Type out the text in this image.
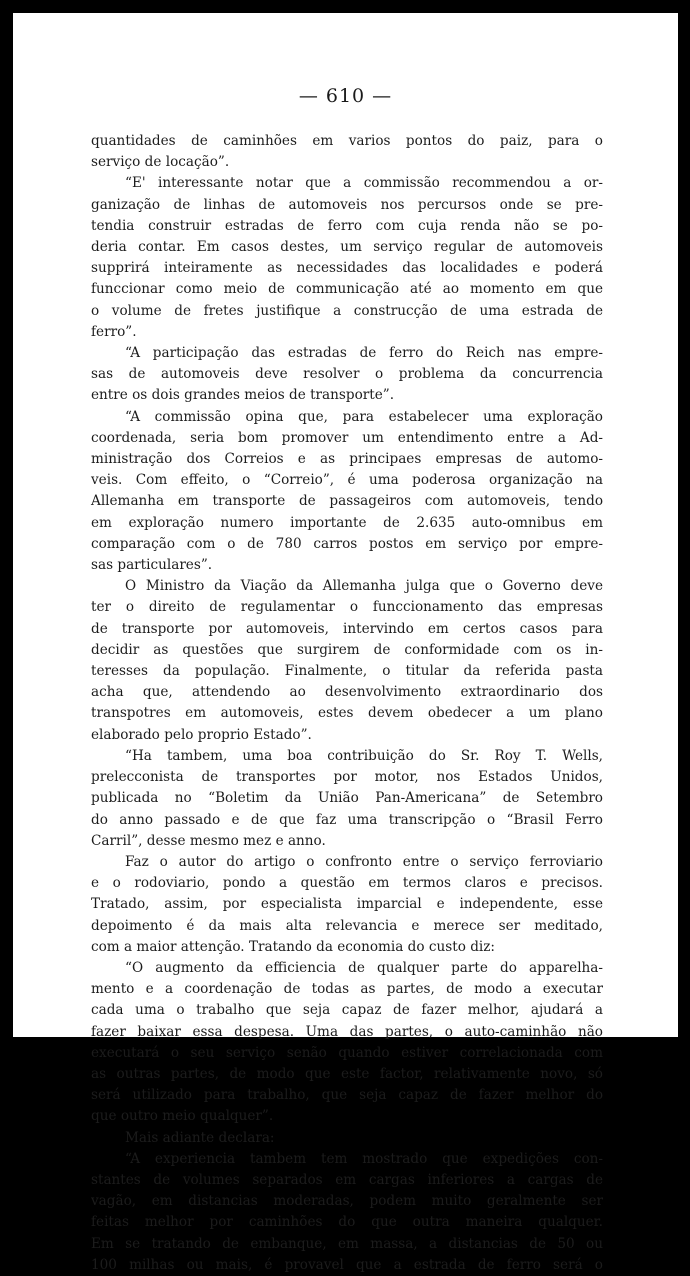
— 610 —
quantidades de caminhões em varios pontos do paiz, para o
serviço de locação”.
“E' interessante notar que a commissão recommendou a or-
ganização de linhas de automoveis nos percursos onde se pre-
tendia construir estradas de ferro com cuja renda não se po-
deria contar. Em casos destes, um serviço regular de automoveis
supprirá inteiramente as necessidades das localidades e poderá
funccionar como meio de communicação até ao momento em que
o volume de fretes justifique a construcção de uma estrada de
ferro”.
“A participação das estradas de ferro do Reich nas empre-
sas de automoveis deve resolver o problema da concurrencia
entre os dois grandes meios de transporte”.
“A commissão opina que, para estabelecer uma exploração
coordenada, seria bom promover um entendimento entre a Ad-
ministração dos Correios e as principaes empresas de automo-
veis. Com effeito, o “Correio”, é uma poderosa organização na
Allemanha em transporte de passageiros com automoveis, tendo
em exploração numero importante de 2.635 auto-omnibus em
comparação com o de 780 carros postos em serviço por empre-
sas particulares”.
O Ministro da Viação da Allemanha julga que o Governo deve
ter o direito de regulamentar o funccionamento das empresas
de transporte por automoveis, intervindo em certos casos para
decidir as questões que surgirem de conformidade com os in-
teresses da população. Finalmente, o titular da referida pasta
acha que, attendendo ao desenvolvimento extraordinario dos
transpotres em automoveis, estes devem obedecer a um plano
elaborado pelo proprio Estado”.
“Ha tambem, uma boa contribuição do Sr. Roy T. Wells,
prelecconista de transportes por motor, nos Estados Unidos,
publicada no “Boletim da União Pan-Americana” de Setembro
do anno passado e de que faz uma transcripção o “Brasil Ferro
Carril”, desse mesmo mez e anno.
Faz o autor do artigo o confronto entre o serviço ferroviario
e o rodoviario, pondo a questão em termos claros e precisos.
Tratado, assim, por especialista imparcial e independente, esse
depoimento é da mais alta relevancia e merece ser meditado,
com a maior attenção. Tratando da economia do custo diz:
“O augmento da efficiencia de qualquer parte do apparelha-
mento e a coordenação de todas as partes, de modo a executar
cada uma o trabalho que seja capaz de fazer melhor, ajudará a
fazer baixar essa despesa. Uma das partes, o auto-caminhão não
executará o seu serviço senão quando estiver correlacionada com
as outras partes, de modo que este factor, relativamente novo, só
será utilizado para trabalho, que seja capaz de fazer melhor do
que outro meio qualquer”.
Mais adiante declara:
“A experiencia tambem tem mostrado que expedições con-
stantes de volumes separados em cargas inferiores a cargas de
vagão, em distancias moderadas, podem muito geralmente ser
feitas melhor por caminhões do que outra maneira qualquer.
Em se tratando de embanque, em massa, a distancias de 50 ou
100 milhas ou mais, é provavel que a estrada de ferro será o
